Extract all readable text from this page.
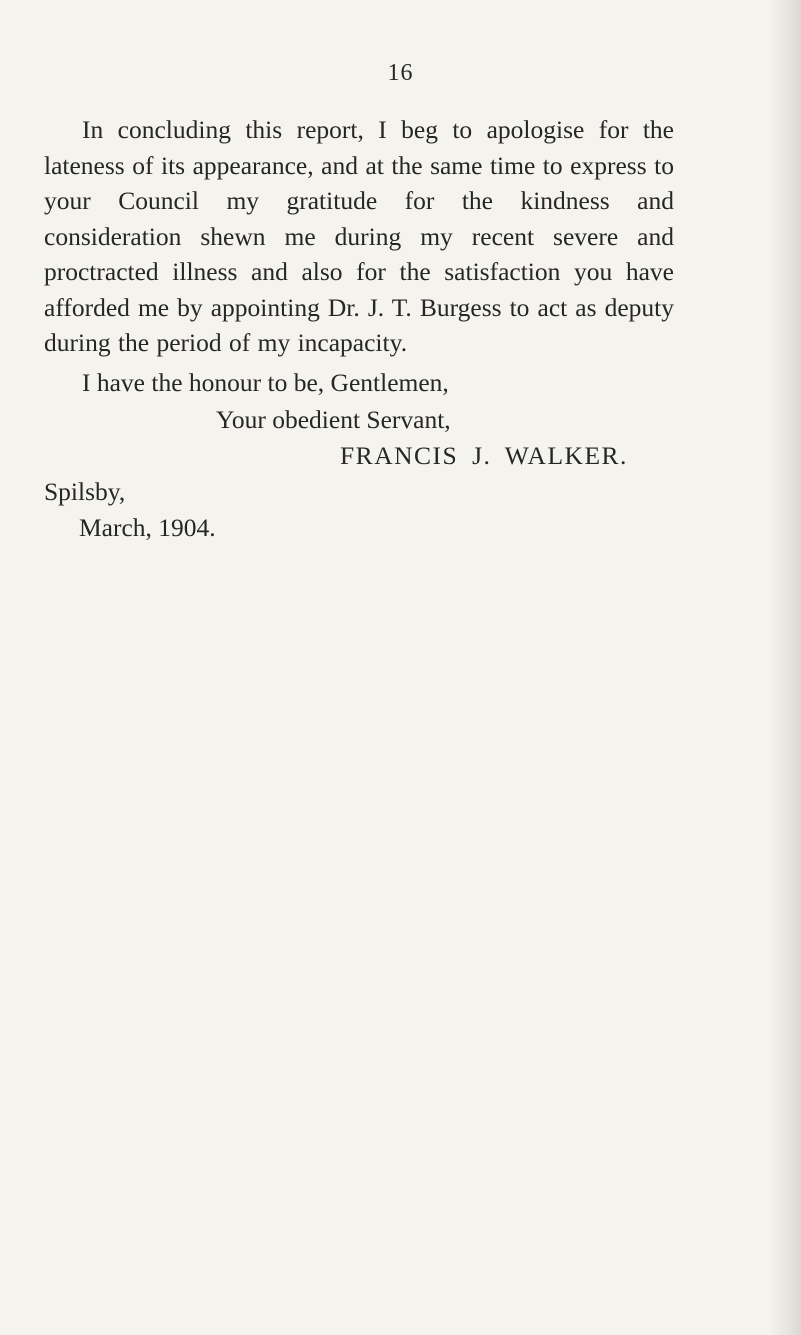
16

In concluding this report, I beg to apologise for the lateness of its appearance, and at the same time to express to your Council my gratitude for the kindness and consideration shewn me during my recent severe and proctracted illness and also for the satisfaction you have afforded me by appointing Dr. J. T. Burgess to act as deputy during the period of my incapacity.

I have the honour to be, Gentlemen,

Your obedient Servant,

FRANCIS J. WALKER.

Spilsby,

March, 1904.
